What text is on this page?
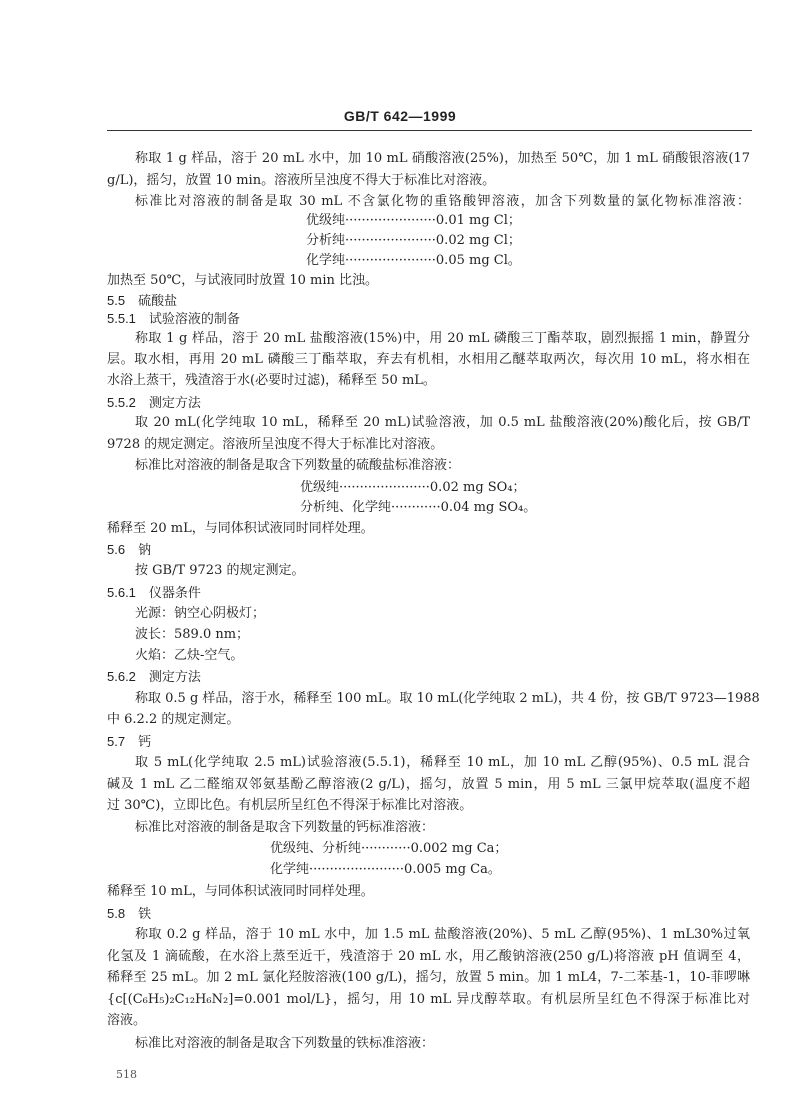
GB/T 642—1999
称取 1 g 样品，溶于 20 mL 水中，加 10 mL 硝酸溶液(25%)，加热至 50℃，加 1 mL 硝酸银溶液(17
g/L)，摇匀，放置 10 min。溶液所呈浊度不得大于标准比对溶液。
标准比对溶液的制备是取 30 mL 不含氯化物的重铬酸钾溶液，加含下列数量的氯化物标准溶液：
优级纯······················0.01 mg Cl；
分析纯······················0.02 mg Cl；
化学纯······················0.05 mg Cl。
加热至 50℃，与试液同时放置 10 min 比浊。
5.5　硫酸盐
5.5.1　试验溶液的制备
称取 1 g 样品，溶于 20 mL 盐酸溶液(15%)中，用 20 mL 磷酸三丁酯萃取，剧烈振摇 1 min，静置分
层。取水相，再用 20 mL 磷酸三丁酯萃取，弃去有机相，水相用乙醚萃取两次，每次用 10 mL，将水相在
水浴上蒸干，残渣溶于水(必要时过滤)，稀释至 50 mL。
5.5.2　测定方法
取 20 mL(化学纯取 10 mL，稀释至 20 mL)试验溶液，加 0.5 mL 盐酸溶液(20%)酸化后，按 GB/T
9728 的规定测定。溶液所呈浊度不得大于标准比对溶液。
标准比对溶液的制备是取含下列数量的硫酸盐标准溶液：
优级纯······················0.02 mg SO₄；
分析纯、化学纯············0.04 mg SO₄。
稀释至 20 mL，与同体积试液同时同样处理。
5.6　钠
按 GB/T 9723 的规定测定。
5.6.1　仪器条件
光源：钠空心阴极灯；
波长：589.0 nm；
火焰：乙炔-空气。
5.6.2　测定方法
称取 0.5 g 样品，溶于水，稀释至 100 mL。取 10 mL(化学纯取 2 mL)，共 4 份，按 GB/T 9723—1988
中 6.2.2 的规定测定。
5.7　钙
取 5 mL(化学纯取 2.5 mL)试验溶液(5.5.1)，稀释至 10 mL，加 10 mL 乙醇(95%)、0.5 mL 混合
碱及 1 mL 乙二醛缩双邻氨基酚乙醇溶液(2 g/L)，摇匀，放置 5 min，用 5 mL 三氯甲烷萃取(温度不超
过 30℃)，立即比色。有机层所呈红色不得深于标准比对溶液。
标准比对溶液的制备是取含下列数量的钙标准溶液：
优级纯、分析纯············0.002 mg Ca；
化学纯·······················0.005 mg Ca。
稀释至 10 mL，与同体积试液同时同样处理。
5.8　铁
称取 0.2 g 样品，溶于 10 mL 水中，加 1.5 mL 盐酸溶液(20%)、5 mL 乙醇(95%)、1 mL30%过氧
化氢及 1 滴硫酸，在水浴上蒸至近干，残渣溶于 20 mL 水，用乙酸钠溶液(250 g/L)将溶液 pH 值调至 4，
稀释至 25 mL。加 2 mL 氯化羟胺溶液(100 g/L)，摇匀，放置 5 min。加 1 mL4，7-二苯基-1，10-菲啰啉
{c[(C₆H₅)₂C₁₂H₆N₂]=0.001 mol/L}，摇匀，用 10 mL 异戊醇萃取。有机层所呈红色不得深于标准比对
溶液。
标准比对溶液的制备是取含下列数量的铁标准溶液：
518
